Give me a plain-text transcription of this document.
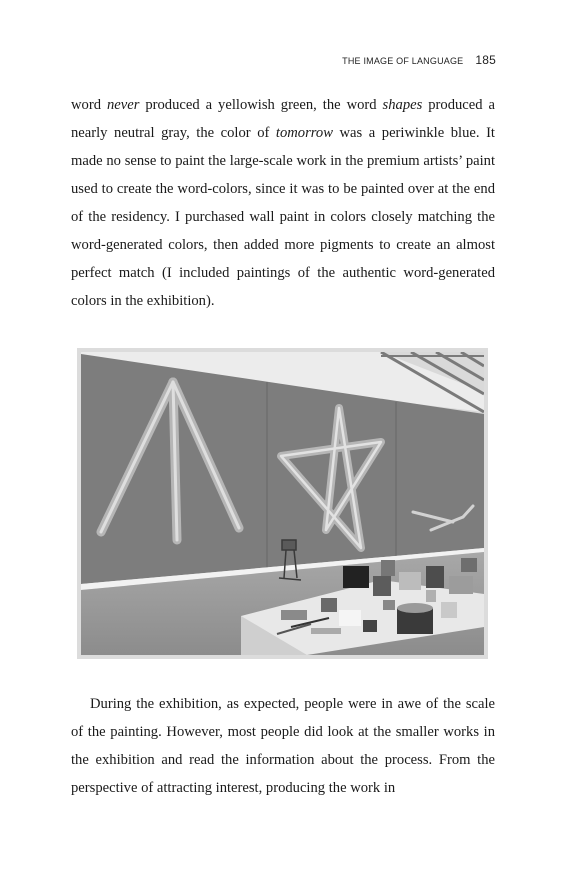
THE IMAGE OF LANGUAGE 185

word never produced a yellowish green, the word shapes produced a nearly neutral gray, the color of tomorrow was a periwinkle blue. It made no sense to paint the large-scale work in the premium artists’ paint used to create the word-colors, since it was to be painted over at the end of the residency. I purchased wall paint in colors closely matching the word-generated colors, then added more pigments to create an almost perfect match (I included paintings of the authentic word-generated colors in the exhibition).

During the exhibition, as expected, people were in awe of the scale of the painting. However, most people did look at the smaller works in the exhibition and read the information about the process. From the perspective of attracting interest, producing the work in
